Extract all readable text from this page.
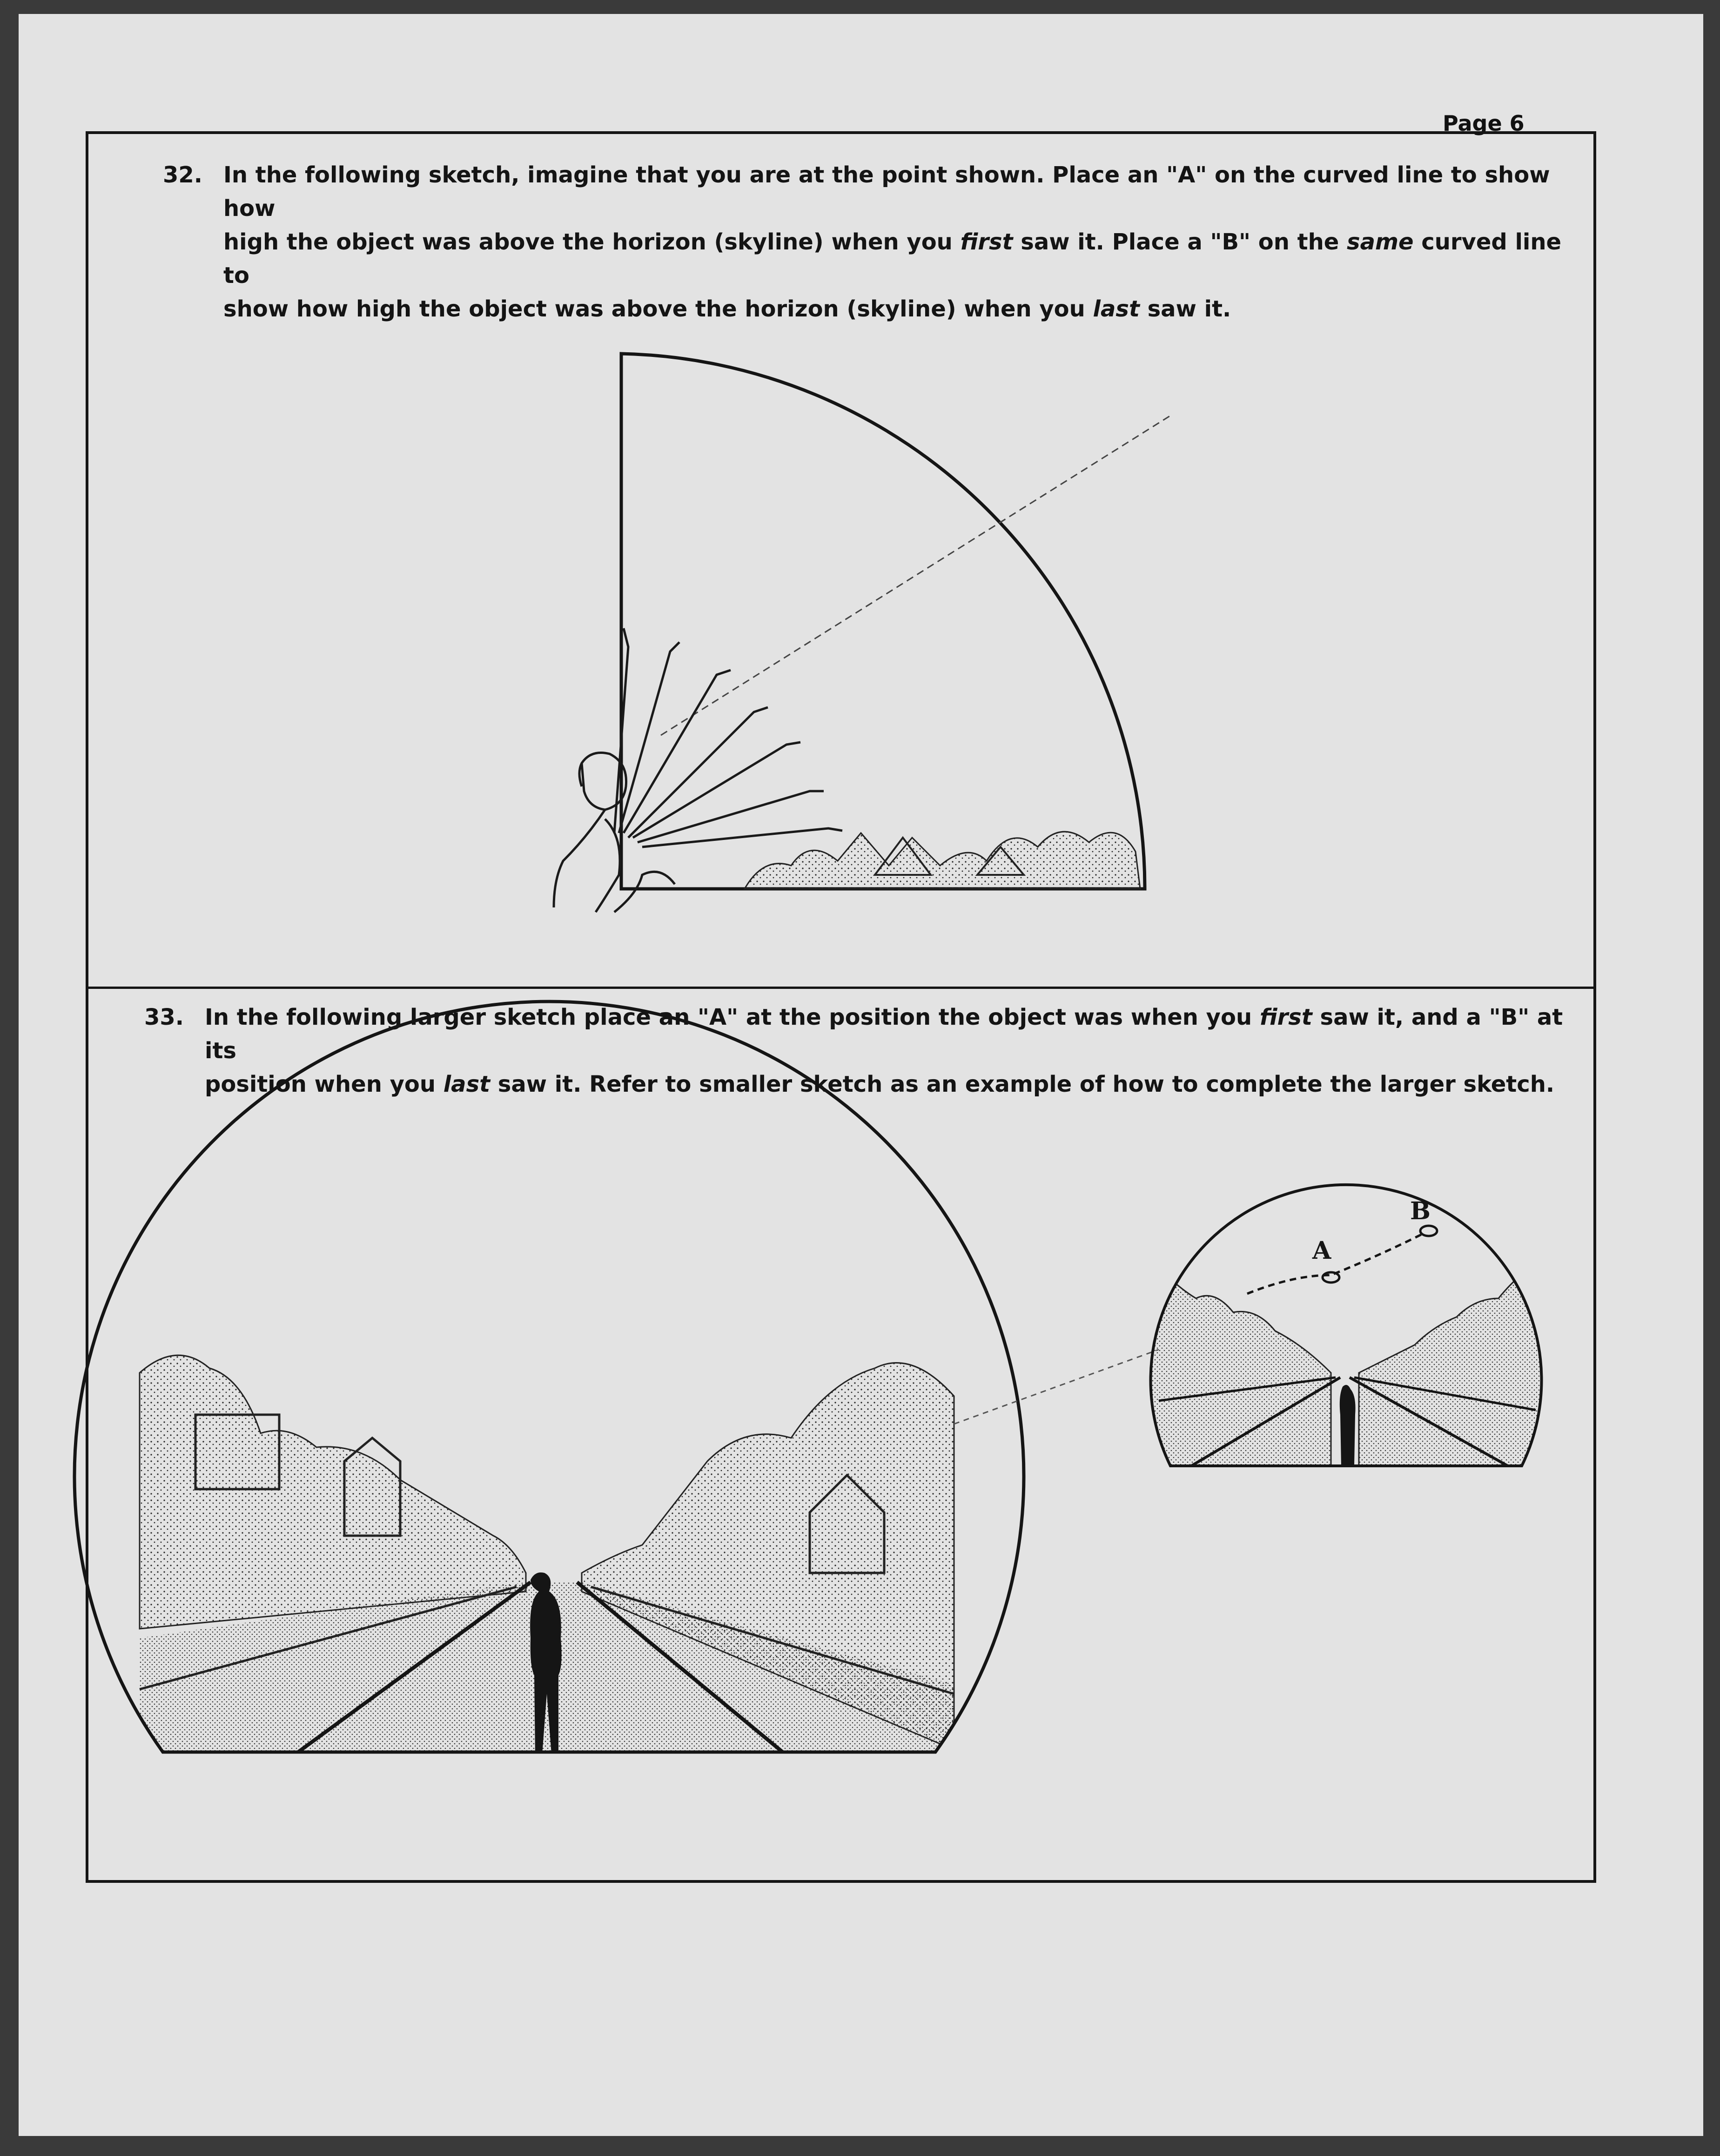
Page 6
32. In the following sketch, imagine that you are at the point shown. Place an "A" on the curved line to show how
high the object was above the horizon (skyline) when you first saw it. Place a "B" on the same curved line to
show how high the object was above the horizon (skyline) when you last saw it.
33. In the following larger sketch place an "A" at the position the object was when you first saw it, and a "B" at its
position when you last saw it. Refer to smaller sketch as an example of how to complete the larger sketch.
A
B
